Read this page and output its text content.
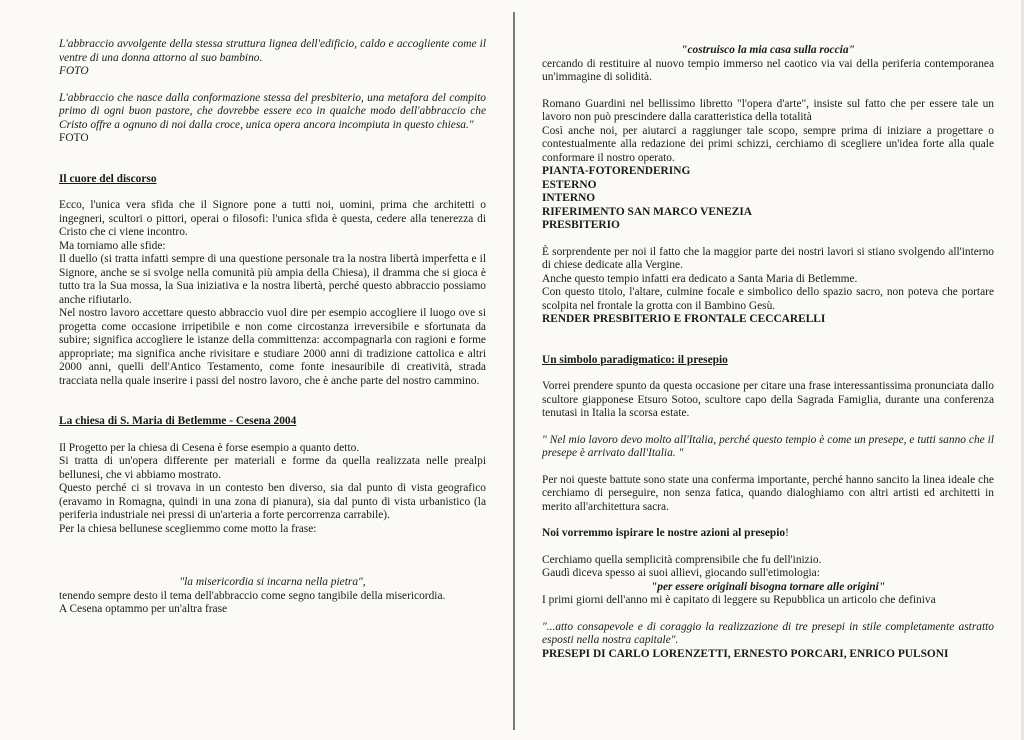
L'abbraccio avvolgente della stessa struttura lignea dell'edificio, caldo e accogliente come il ventre di una donna attorno al suo bambino.

FOTO

L'abbraccio che nasce dalla conformazione stessa del presbiterio, una metafora del compito primo di ogni buon pastore, che dovrebbe essere eco in qualche modo dell'abbraccio che Cristo offre a ognuno di noi dalla croce, unica opera ancora incompiuta in questo chiesa."

FOTO

Il cuore del discorso

Ecco, l'unica vera sfida che il Signore pone a tutti noi, uomini, prima che architetti o ingegneri, scultori o pittori, operai o filosofi: l'unica sfida è questa, cedere alla tenerezza di Cristo che ci viene incontro.

Ma torniamo alle sfide:

Il duello (si tratta infatti sempre di una questione personale tra la nostra libertà imperfetta e il Signore, anche se si svolge nella comunità più ampia della Chiesa), il dramma che si gioca è tutto tra la Sua mossa, la Sua iniziativa e la nostra libertà, perché questo abbraccio possiamo anche rifiutarlo.

Nel nostro lavoro accettare questo abbraccio vuol dire per esempio accogliere il luogo ove si progetta come occasione irripetibile e non come circostanza irreversibile e sfortunata da subire; significa accogliere le istanze della committenza: accompagnarla con ragioni e forme appropriate; ma significa anche rivisitare e studiare 2000 anni di tradizione cattolica e altri 2000 anni, quelli dell'Antico Testamento, come fonte inesauribile di creatività, strada tracciata nella quale inserire i passi del nostro lavoro, che è anche parte del nostro cammino.

La chiesa di S. Maria di Betlemme - Cesena 2004

Il Progetto per la chiesa di Cesena è forse esempio a quanto detto.

Si tratta di un'opera differente per materiali e forme da quella realizzata nelle prealpi bellunesi, che vi abbiamo mostrato.

Questo perché ci si trovava in un contesto ben diverso, sia dal punto di vista geografico (eravamo in Romagna, quindi in una zona di pianura), sia dal punto di vista urbanistico (la periferia industriale nei pressi di un'arteria a forte percorrenza carrabile).

Per la chiesa bellunese scegliemmo come motto la frase:

"la misericordia si incarna nella pietra",

tenendo sempre desto il tema dell'abbraccio come segno tangibile della misericordia.

A Cesena optammo per un'altra frase

"costruisco la mia casa sulla roccia"

cercando di restituire al nuovo tempio immerso nel caotico via vai della periferia contemporanea un'immagine di solidità.

Romano Guardini nel bellissimo libretto "l'opera d'arte", insiste sul fatto che per essere tale un lavoro non può prescindere dalla caratteristica della totalità

Così anche noi, per aiutarci a raggiunger tale scopo, sempre prima di iniziare a progettare o contestualmente alla redazione dei primi schizzi, cerchiamo di scegliere un'idea forte alla quale conformare il nostro operato.

PIANTA-FOTORENDERING

ESTERNO

INTERNO

RIFERIMENTO SAN MARCO VENEZIA

PRESBITERIO

È sorprendente per noi il fatto che la maggior parte dei nostri lavori si stiano svolgendo all'interno di chiese dedicate alla Vergine.

Anche questo tempio infatti era dedicato a Santa Maria di Betlemme.

Con questo titolo, l'altare, culmine focale e simbolico dello spazio sacro, non poteva che portare scolpita nel frontale la grotta con il Bambino Gesù.

RENDER PRESBITERIO E FRONTALE CECCARELLI

Un simbolo paradigmatico: il presepio

Vorrei prendere spunto da questa occasione per citare una frase interessantissima pronunciata dallo scultore giapponese Etsuro Sotoo, scultore capo della Sagrada Famiglia, durante una conferenza tenutasi in Italia la scorsa estate.

" Nel mio lavoro devo molto all'Italia, perché questo tempio è come un presepe, e tutti sanno che il presepe è arrivato dall'Italia. "

Per noi queste battute sono state una conferma importante, perché hanno sancito la linea ideale che cerchiamo di perseguire, non senza fatica, quando dialoghiamo con altri artisti ed architetti in merito all'architettura sacra.

Noi vorremmo ispirare le nostre azioni al presepio!

Cerchiamo quella semplicità comprensibile che fu dell'inizio.

Gaudì diceva spesso ai suoi allievi, giocando sull'etimologia:

"per essere originali bisogna tornare alle origini"

I primi giorni dell'anno mi è capitato di leggere su Repubblica un articolo che definiva

"...atto consapevole e di coraggio la realizzazione di tre presepi in stile completamente astratto esposti nella nostra capitale".

PRESEPI DI CARLO LORENZETTI, ERNESTO PORCARI, ENRICO PULSONI
